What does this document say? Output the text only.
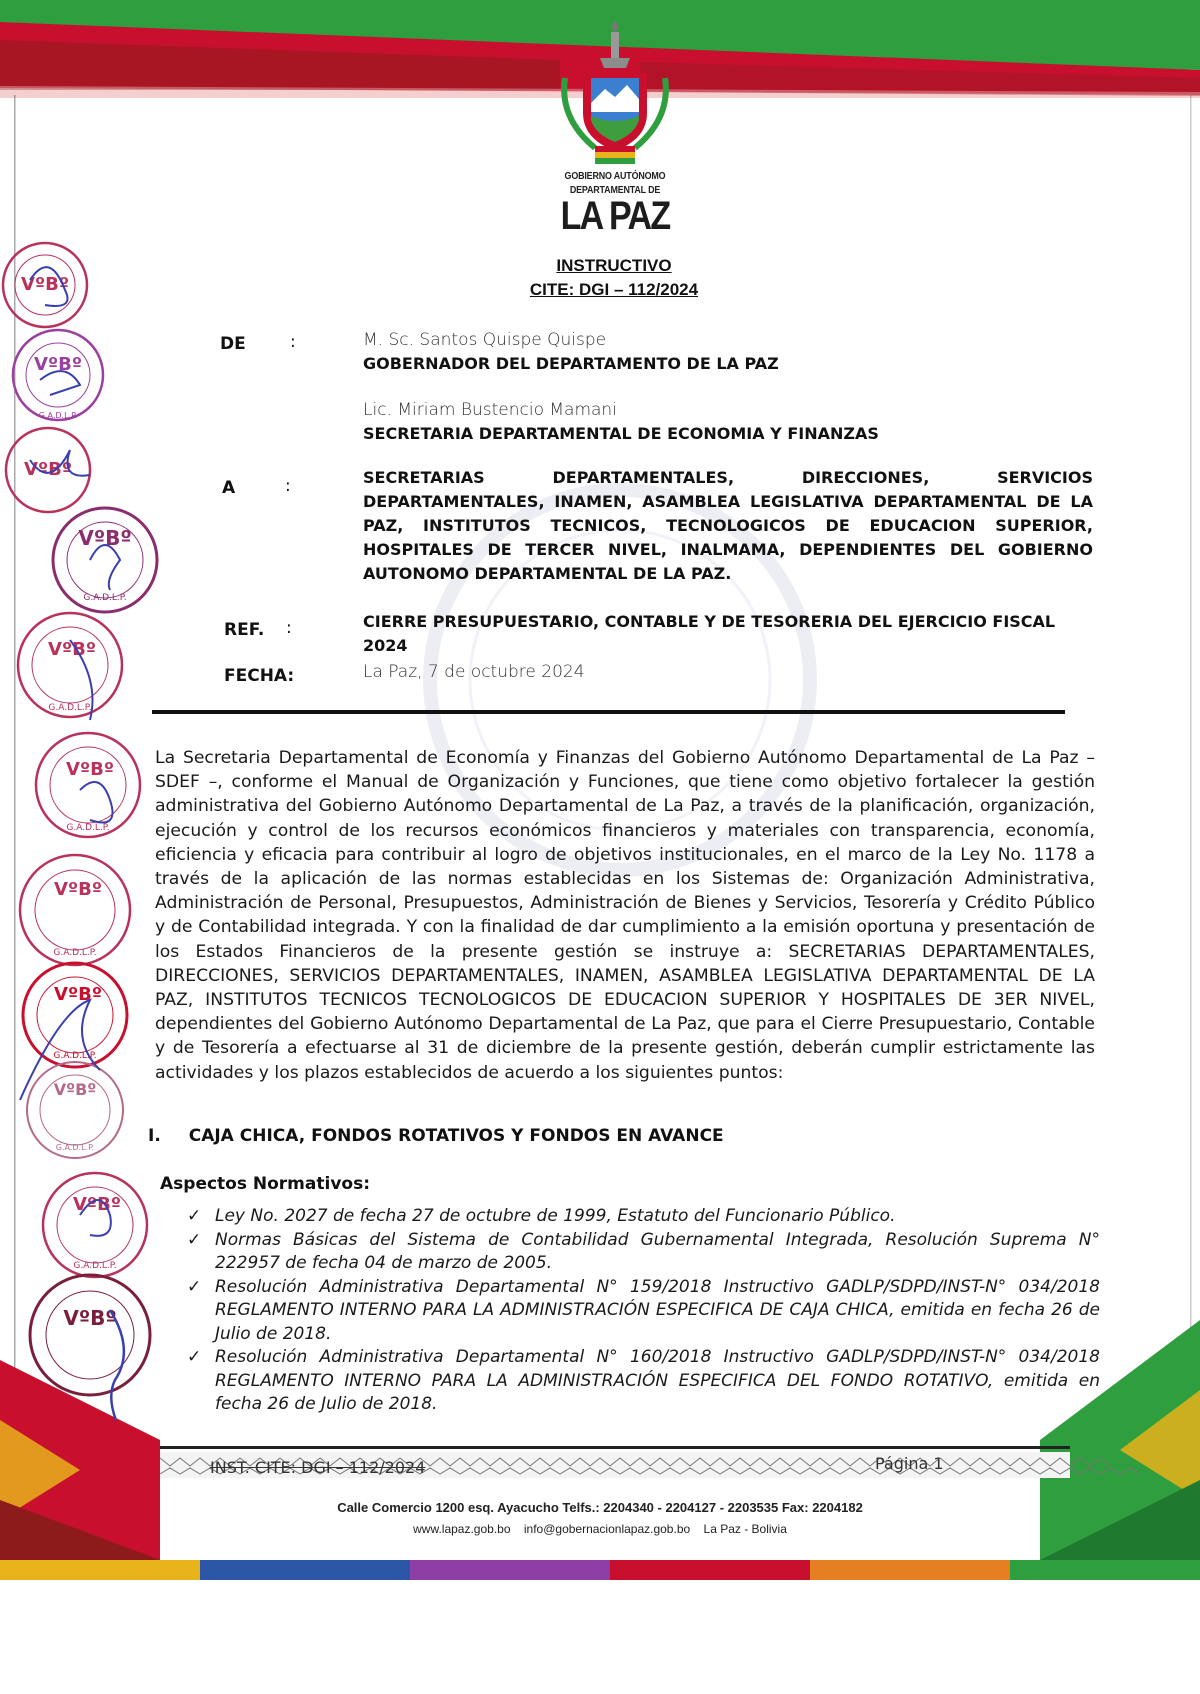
GOBIERNO AUTÓNOMO
DEPARTAMENTAL DE
LA PAZ
INSTRUCTIVO
CITE: DGI – 112/2024
DE	:	M. Sc. Santos Quispe Quispe
GOBERNADOR DEL DEPARTAMENTO DE LA PAZ
Lic. Miriam Bustencio Mamani
SECRETARIA DEPARTAMENTAL DE ECONOMIA Y FINANZAS
A	:	SECRETARIAS DEPARTAMENTALES, DIRECCIONES, SERVICIOS DEPARTAMENTALES, INAMEN, ASAMBLEA LEGISLATIVA DEPARTAMENTAL DE LA PAZ, INSTITUTOS TECNICOS, TECNOLOGICOS DE EDUCACION SUPERIOR, HOSPITALES DE TERCER NIVEL, INALMAMA, DEPENDIENTES DEL GOBIERNO AUTONOMO DEPARTAMENTAL DE LA PAZ.
REF. :	CIERRE PRESUPUESTARIO, CONTABLE Y DE TESORERIA DEL EJERCICIO FISCAL 2024
FECHA:	La Paz, 7 de octubre 2024
La Secretaria Departamental de Economía y Finanzas del Gobierno Autónomo Departamental de La Paz – SDEF –, conforme el Manual de Organización y Funciones, que tiene como objetivo fortalecer la gestión administrativa del Gobierno Autónomo Departamental de La Paz, a través de la planificación, organización, ejecución y control de los recursos económicos financieros y materiales con transparencia, economía, eficiencia y eficacia para contribuir al logro de objetivos institucionales, en el marco de la Ley No. 1178 a través de la aplicación de las normas establecidas en los Sistemas de: Organización Administrativa, Administración de Personal, Presupuestos, Administración de Bienes y Servicios, Tesorería y Crédito Público y de Contabilidad integrada. Y con la finalidad de dar cumplimiento a la emisión oportuna y presentación de los Estados Financieros de la presente gestión se instruye a: SECRETARIAS DEPARTAMENTALES, DIRECCIONES, SERVICIOS DEPARTAMENTALES, INAMEN, ASAMBLEA LEGISLATIVA DEPARTAMENTAL DE LA PAZ, INSTITUTOS TECNICOS TECNOLOGICOS DE EDUCACION SUPERIOR Y HOSPITALES DE 3ER NIVEL, dependientes del Gobierno Autónomo Departamental de La Paz, que para el Cierre Presupuestario, Contable y de Tesorería a efectuarse al 31 de diciembre de la presente gestión, deberán cumplir estrictamente las actividades y los plazos establecidos de acuerdo a los siguientes puntos:
I. CAJA CHICA, FONDOS ROTATIVOS Y FONDOS EN AVANCE
Aspectos Normativos:
✓ Ley No. 2027 de fecha 27 de octubre de 1999, Estatuto del Funcionario Público.
✓ Normas Básicas del Sistema de Contabilidad Gubernamental Integrada, Resolución Suprema N° 222957 de fecha 04 de marzo de 2005.
✓ Resolución Administrativa Departamental N° 159/2018 Instructivo GADLP/SDPD/INST-N° 034/2018 REGLAMENTO INTERNO PARA LA ADMINISTRACIÓN ESPECIFICA DE CAJA CHICA, emitida en fecha 26 de Julio de 2018.
✓ Resolución Administrativa Departamental N° 160/2018 Instructivo GADLP/SDPD/INST-N° 034/2018 REGLAMENTO INTERNO PARA LA ADMINISTRACIÓN ESPECIFICA DEL FONDO ROTATIVO, emitida en fecha 26 de Julio de 2018.
INST. CITE: DGI – 112/2024	Página 1
Calle Comercio 1200 esq. Ayacucho Telfs.: 2204340 - 2204127 - 2203535 Fax: 2204182
www.lapaz.gob.bo info@gobernacionlapaz.gob.bo La Paz - Bolivia
VºBº
VºBº
G.A.D.L.P.
VºBº
VºBº
G.A.D.L.P.
VºBº
G.A.D.L.P.
VºBº
G.A.D.L.P.
VºBº
G.A.D.L.P.
VºBº
G.A.D.L.P.
VºBº
G.A.D.L.P.
VºBº
G.A.D.L.P.
VºBº
